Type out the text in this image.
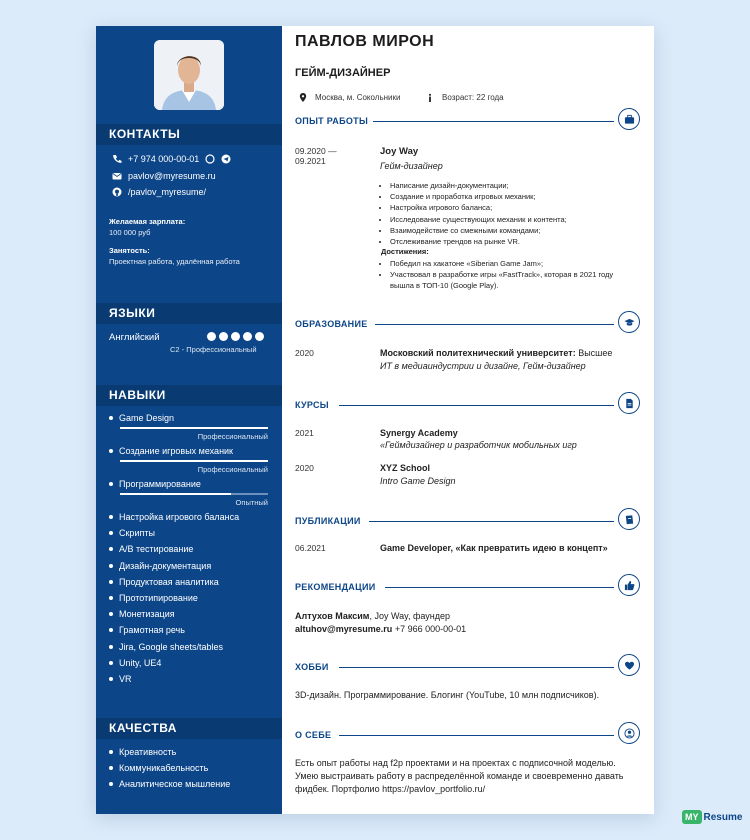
КОНТАКТЫ
+7 974 000-00-01
pavlov@myresume.ru
/pavlov_myresume/
Желаемая зарплата:
100 000 руб
Занятость:
Проектная работа, удалённая работа
ЯЗЫКИ
Английский
C2 - Профессиональный
НАВЫКИ
Game Design
Профессиональный
Создание игровых механик
Профессиональный
Программирование
Опытный
Настройка игрового баланса
Скрипты
A/B тестирование
Дизайн-документация
Продуктовая аналитика
Прототипирование
Монетизация
Грамотная речь
Jira, Google sheets/tables
Unity, UE4
VR
КАЧЕСТВА
Креативность
Коммуникабельность
Аналитическое мышление
ПАВЛОВ МИРОН
ГЕЙМ-ДИЗАЙНЕР
Москва, м. Сокольники	Возраст: 22 года
ОПЫТ РАБОТЫ
09.2020 —
09.2021
Joy Way
Гейм-дизайнер
• Написание дизайн-документации;
• Создание и проработка игровых механик;
• Настройка игрового баланса;
• Исследование существующих механик и контента;
• Взаимодействие со смежными командами;
• Отслеживание трендов на рынке VR.
Достижения:
• Победил на хакатоне «Siberian Game Jam»;
• Участвовал в разработке игры «FastTrack», которая в 2021 году вышла в ТОП-10 (Google Play).
ОБРАЗОВАНИЕ
2020	Московский политехнический университет: Высшее
ИТ в медиаиндустрии и дизайне, Гейм-дизайнер
КУРСЫ
2021	Synergy Academy
«Геймдизайнер и разработчик мобильных игр
2020	XYZ School
Intro Game Design
ПУБЛИКАЦИИ
06.2021	Game Developer, «Как превратить идею в концепт»
РЕКОМЕНДАЦИИ
Алтухов Максим, Joy Way, фаундер
altuhov@myresume.ru +7 966 000-00-01
ХОББИ
3D-дизайн. Программирование. Блогинг (YouTube, 10 млн подписчиков).
О СЕБЕ
Есть опыт работы над f2p проектами и на проектах с подписочной моделью. Умею выстраивать работу в распределённой команде и своевременно давать фидбек. Портфолио https://pavlov_portfolio.ru/
MY Resume
